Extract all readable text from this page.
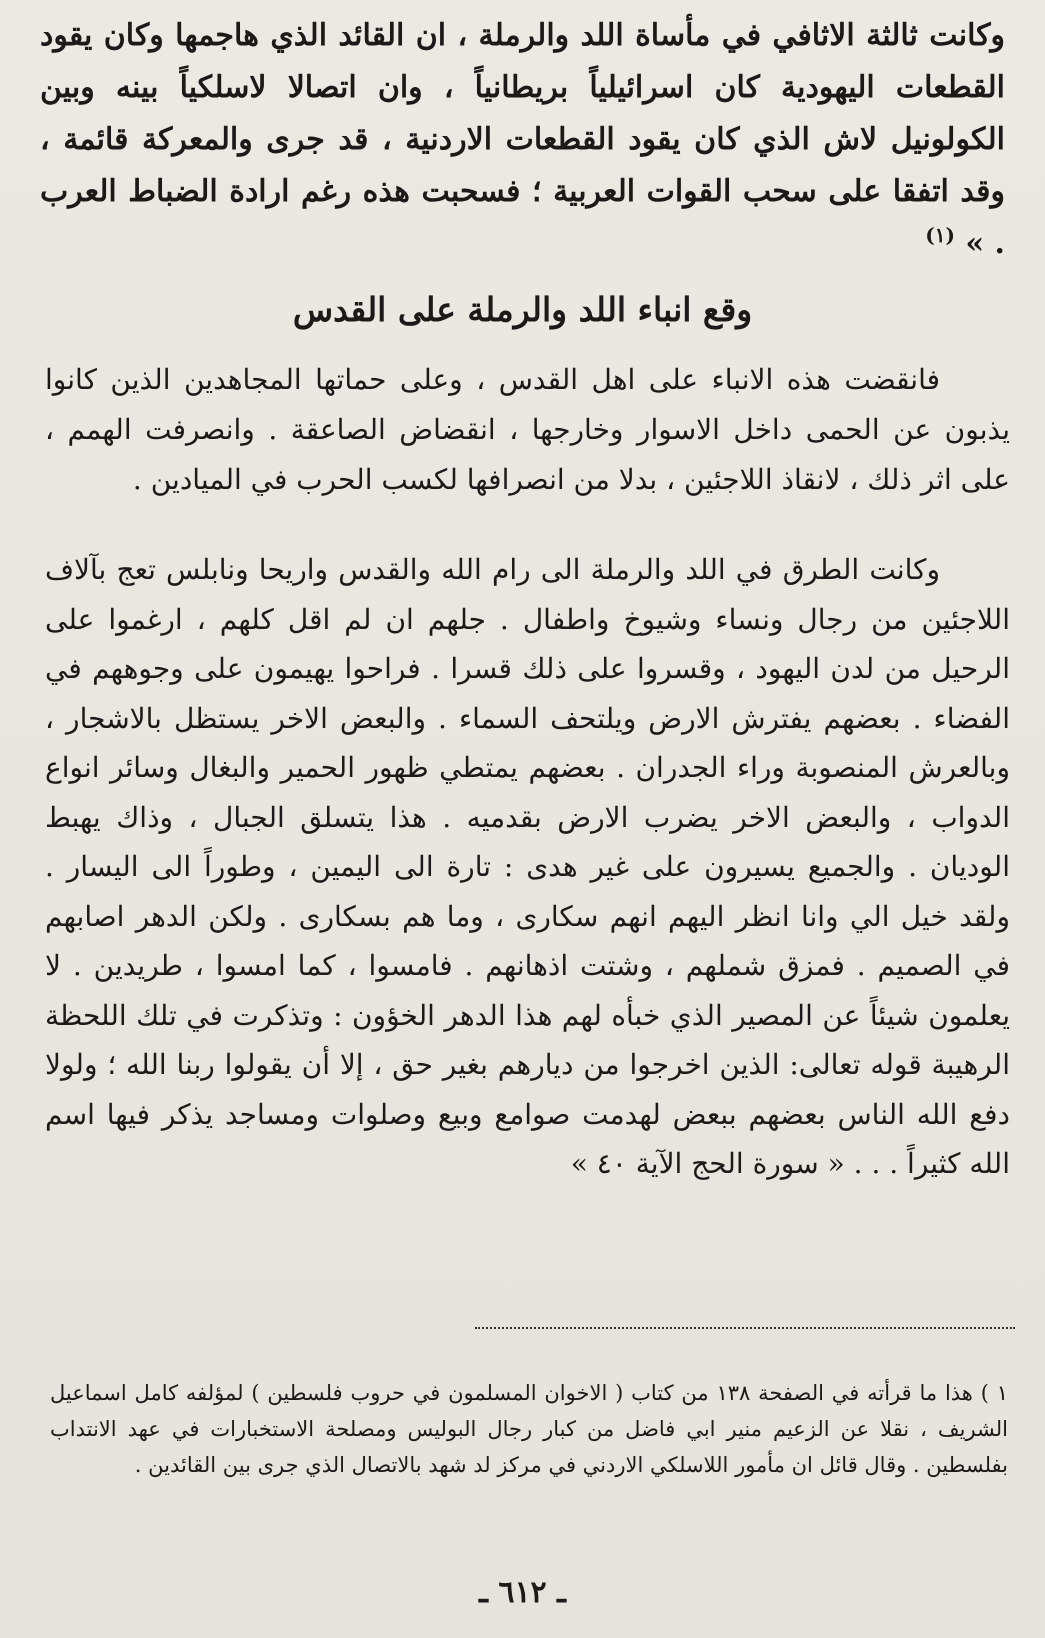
وكانت ثالثة الاثافي في مأساة اللد والرملة ، ان القائد الذي هاجمها وكان يقود القطعات اليهودية كان اسرائيلياً بريطانياً ، وان اتصالا لاسلكياً بينه وبين الكولونيل لاش الذي كان يقود القطعات الاردنية ، قد جرى والمعركة قائمة ، وقد اتفقا على سحب القوات العربية ؛ فسحبت هذه رغم ارادة الضباط العرب . » $^{(١)}$
وقع انباء اللد والرملة على القدس
فانقضت هذه الانباء على اهل القدس ، وعلى حماتها المجاهدين الذين كانوا يذبون عن الحمى داخل الاسوار وخارجها ، انقضاض الصاعقة . وانصرفت الهمم ، على اثر ذلك ، لانقاذ اللاجئين ، بدلا من انصرافها لكسب الحرب في الميادين .
وكانت الطرق في اللد والرملة الى رام الله والقدس واريحا ونابلس تعج بآلاف اللاجئين من رجال ونساء وشيوخ واطفال . جلهم ان لم اقل كلهم ، ارغموا على الرحيل من لدن اليهود ، وقسروا على ذلك قسرا . فراحوا يهيمون على وجوههم في الفضاء . بعضهم يفترش الارض ويلتحف السماء . والبعض الاخر يستظل بالاشجار ، وبالعرش المنصوبة وراء الجدران . بعضهم يمتطي ظهور الحمير والبغال وسائر انواع الدواب ، والبعض الاخر يضرب الارض بقدميه . هذا يتسلق الجبال ، وذاك يهبط الوديان . والجميع يسيرون على غير هدى : تارة الى اليمين ، وطوراً الى اليسار . ولقد خيل الي وانا انظر اليهم انهم سكارى ، وما هم بسكارى . ولكن الدهر اصابهم في الصميم . فمزق شملهم ، وشتت اذهانهم . فامسوا ، كما امسوا ، طريدين . لا يعلمون شيئاً عن المصير الذي خبأه لهم هذا الدهر الخؤون : وتذكرت في تلك اللحظة الرهيبة قوله تعالى: الذين اخرجوا من ديارهم بغير حق ، إلا أن يقولوا ربنا الله ؛ ولولا دفع الله الناس بعضهم ببعض لهدمت صوامع وبيع وصلوات ومساجد يذكر فيها اسم الله كثيراً . . . « سورة الحج الآية ٤٠ »
١ ) هذا ما قرأته في الصفحة ١٣٨ من كتاب ( الاخوان المسلمون في حروب فلسطين ) لمؤلفه كامل اسماعيل الشريف ، نقلا عن الزعيم منير ابي فاضل من كبار رجال البوليس ومصلحة الاستخبارات في عهد الانتداب بفلسطين . وقال قائل ان مأمور اللاسلكي الاردني في مركز لد شهد بالاتصال الذي جرى بين القائدين .
ـ ٦١٢ ـ
